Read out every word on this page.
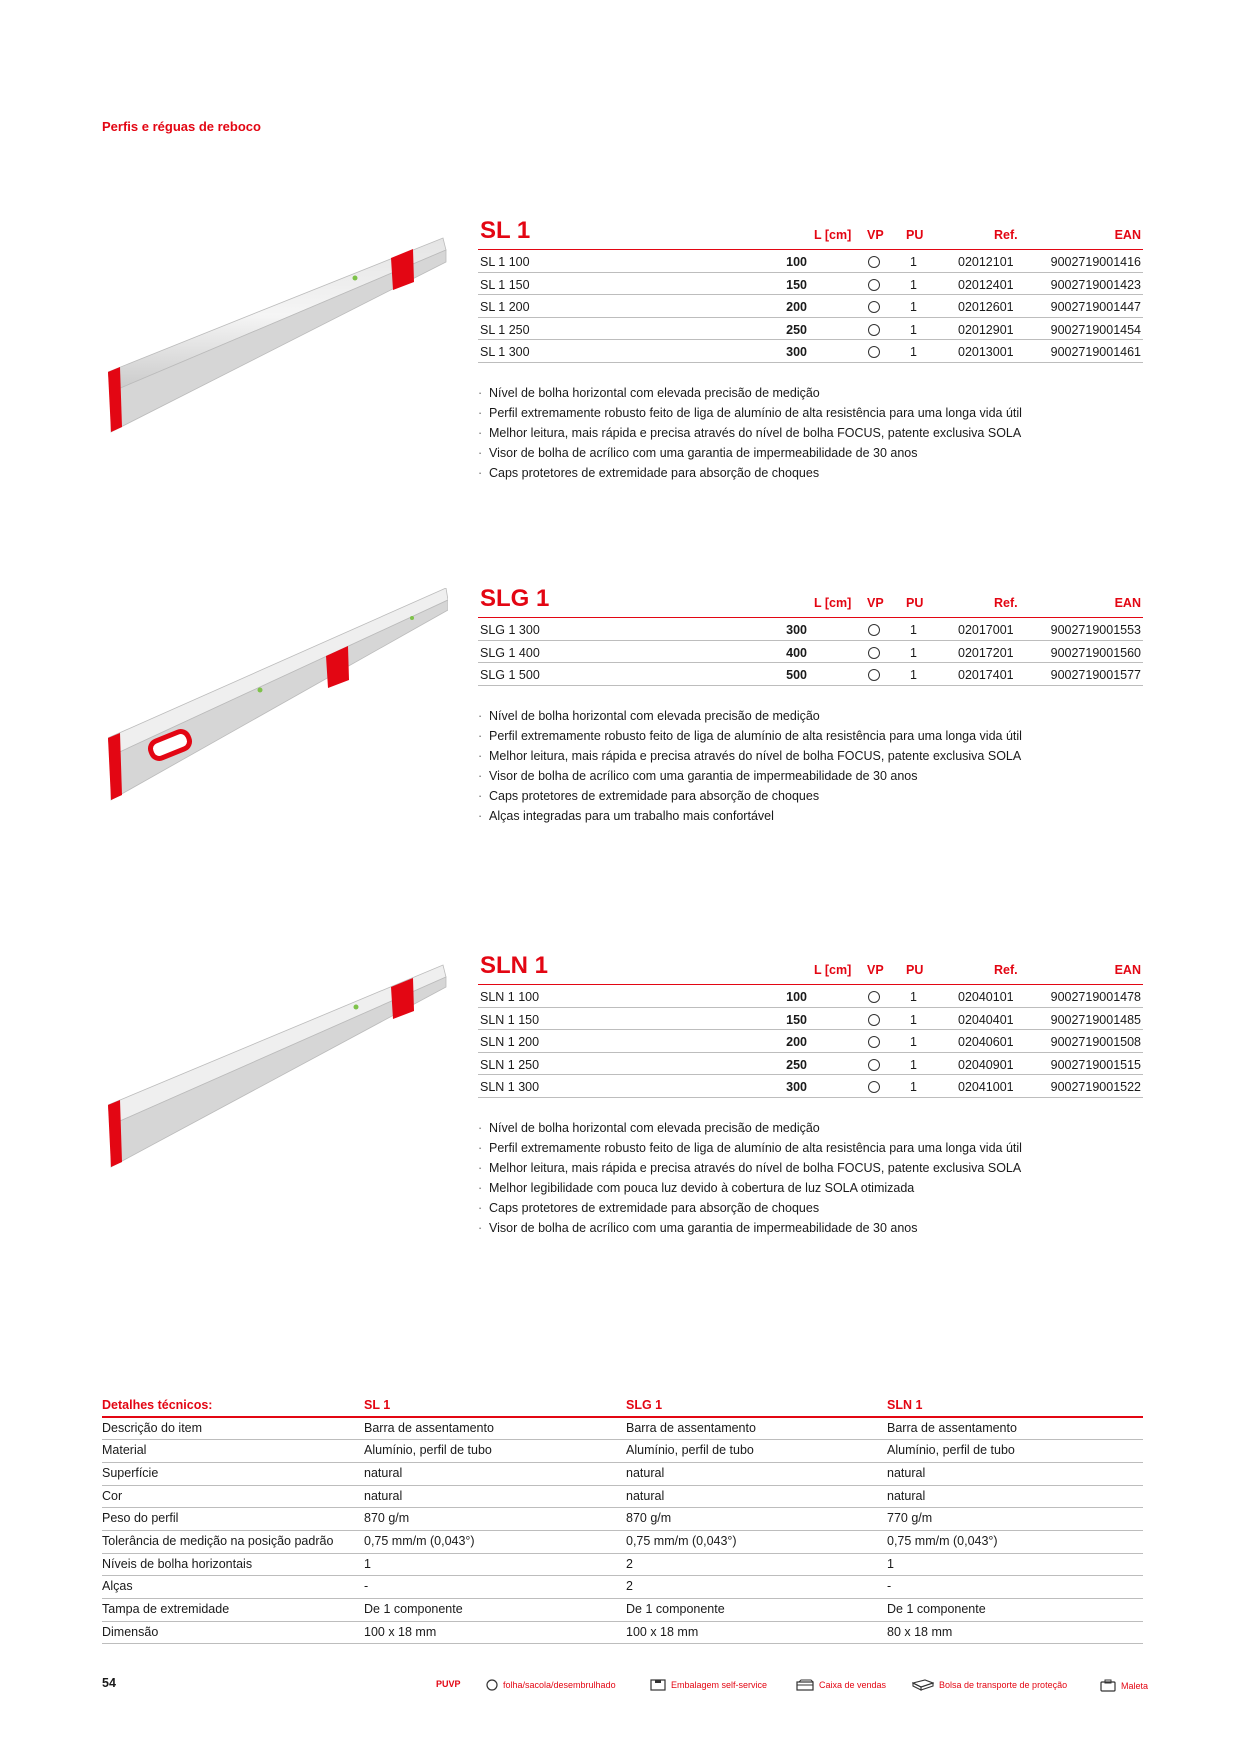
Perfis e réguas de reboco
SL 1	L [cm] VP PU	Ref.	EAN
SL 1 100	100	1	02012101	9002719001416
SL 1 150	150	1	02012401	9002719001423
SL 1 200	200	1	02012601	9002719001447
SL 1 250	250	1	02012901	9002719001454
SL 1 300	300	1	02013001	9002719001461
· Nível de bolha horizontal com elevada precisão de medição
· Perfil extremamente robusto feito de liga de alumínio de alta resistência para uma longa vida útil
· Melhor leitura, mais rápida e precisa através do nível de bolha FOCUS, patente exclusiva SOLA
· Visor de bolha de acrílico com uma garantia de impermeabilidade de 30 anos
· Caps protetores de extremidade para absorção de choques
SLG 1	L [cm] VP PU	Ref.	EAN
SLG 1 300	300	1	02017001	9002719001553
SLG 1 400	400	1	02017201	9002719001560
SLG 1 500	500	1	02017401	9002719001577
· Nível de bolha horizontal com elevada precisão de medição
· Perfil extremamente robusto feito de liga de alumínio de alta resistência para uma longa vida útil
· Melhor leitura, mais rápida e precisa através do nível de bolha FOCUS, patente exclusiva SOLA
· Visor de bolha de acrílico com uma garantia de impermeabilidade de 30 anos
· Caps protetores de extremidade para absorção de choques
· Alças integradas para um trabalho mais confortável
SLN 1	L [cm] VP PU	Ref.	EAN
SLN 1 100	100	1	02040101	9002719001478
SLN 1 150	150	1	02040401	9002719001485
SLN 1 200	200	1	02040601	9002719001508
SLN 1 250	250	1	02040901	9002719001515
SLN 1 300	300	1	02041001	9002719001522
· Nível de bolha horizontal com elevada precisão de medição
· Perfil extremamente robusto feito de liga de alumínio de alta resistência para uma longa vida útil
· Melhor leitura, mais rápida e precisa através do nível de bolha FOCUS, patente exclusiva SOLA
· Melhor legibilidade com pouca luz devido à cobertura de luz SOLA otimizada
· Caps protetores de extremidade para absorção de choques
· Visor de bolha de acrílico com uma garantia de impermeabilidade de 30 anos
Detalhes técnicos:	SL 1	SLG 1	SLN 1
Descrição do item	Barra de assentamento	Barra de assentamento	Barra de assentamento
Material	Alumínio, perfil de tubo	Alumínio, perfil de tubo	Alumínio, perfil de tubo
Superfície	natural	natural	natural
Cor	natural	natural	natural
Peso do perfil	870 g/m	870 g/m	770 g/m
Tolerância de medição na posição padrão	0,75 mm/m (0,043°)	0,75 mm/m (0,043°)	0,75 mm/m (0,043°)
Níveis de bolha horizontais	1	2	1
Alças	-	2	-
Tampa de extremidade	De 1 componente	De 1 componente	De 1 componente
Dimensão	100 x 18 mm	100 x 18 mm	80 x 18 mm
54	PUVP	folha/sacola/desembrulhado	Embalagem self-service	Caixa de vendas	Bolsa de transporte de proteção	Maleta
